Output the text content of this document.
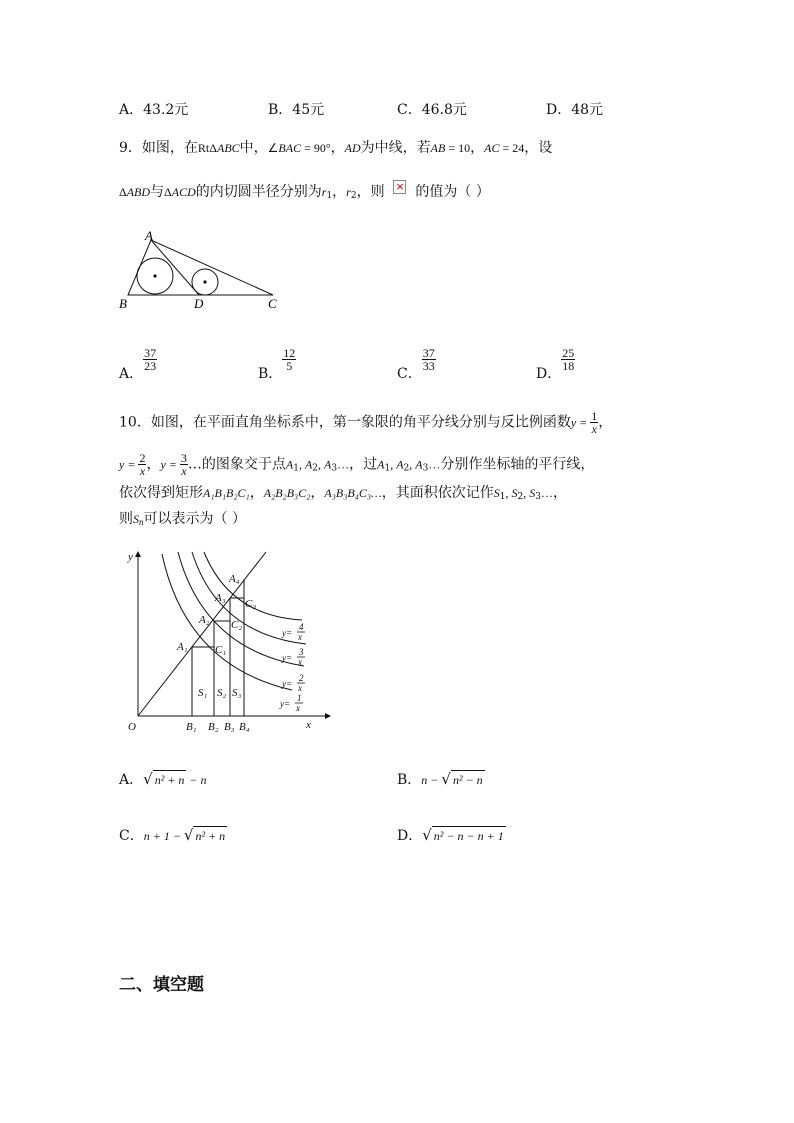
A．43.2元	B．45元	C．46.8元	D．48元
9．如图，在RtΔABC中，∠BAC = 90°，AD为中线，若AB = 10，AC = 24，设
ΔABD与ΔACD的内切圆半径分别为$r_1$，$r_2$，则  × 的值为（ ）
A
B	D	C
A．
$\frac{37}{23}$
B．
$\frac{12}{5}$
C．
$\frac{37}{33}$
D．
$\frac{25}{18}$
10．如图，在平面直角坐标系中，第一象限的角平分线分别与反比例函数$y = \frac{1}{x}$ ，
$y = \frac{2}{x}$ ，$y = \frac{3}{x}$ …的图象交于点$A_1$, $A_2$, $A_3\dots$，过$A_1$, $A_2$, $A_3\dots$分别作坐标轴的平行线，
依次得到矩形A₁B₁B₂C₁，A₂B₂B₃C₂，A₃B₃B₄C₃…，其面积依次记作$S_1$, $S_2$, $S_3\dots$，
则$S_n$可以表示为（ ）
y
x
O
A₁
A₂
A₃
A₄
C₁
C₂
C₃
B₁ B₂ B₃ B₄
S₁ S₂ S₃
y=
4
x
y=
3
x
y=
2
x
y=
1
x
A．√ n² + n − n	B．n − √ n² − n
C．n + 1 − √ n² + n	D．√ n² − n − n + 1
二、填空题
